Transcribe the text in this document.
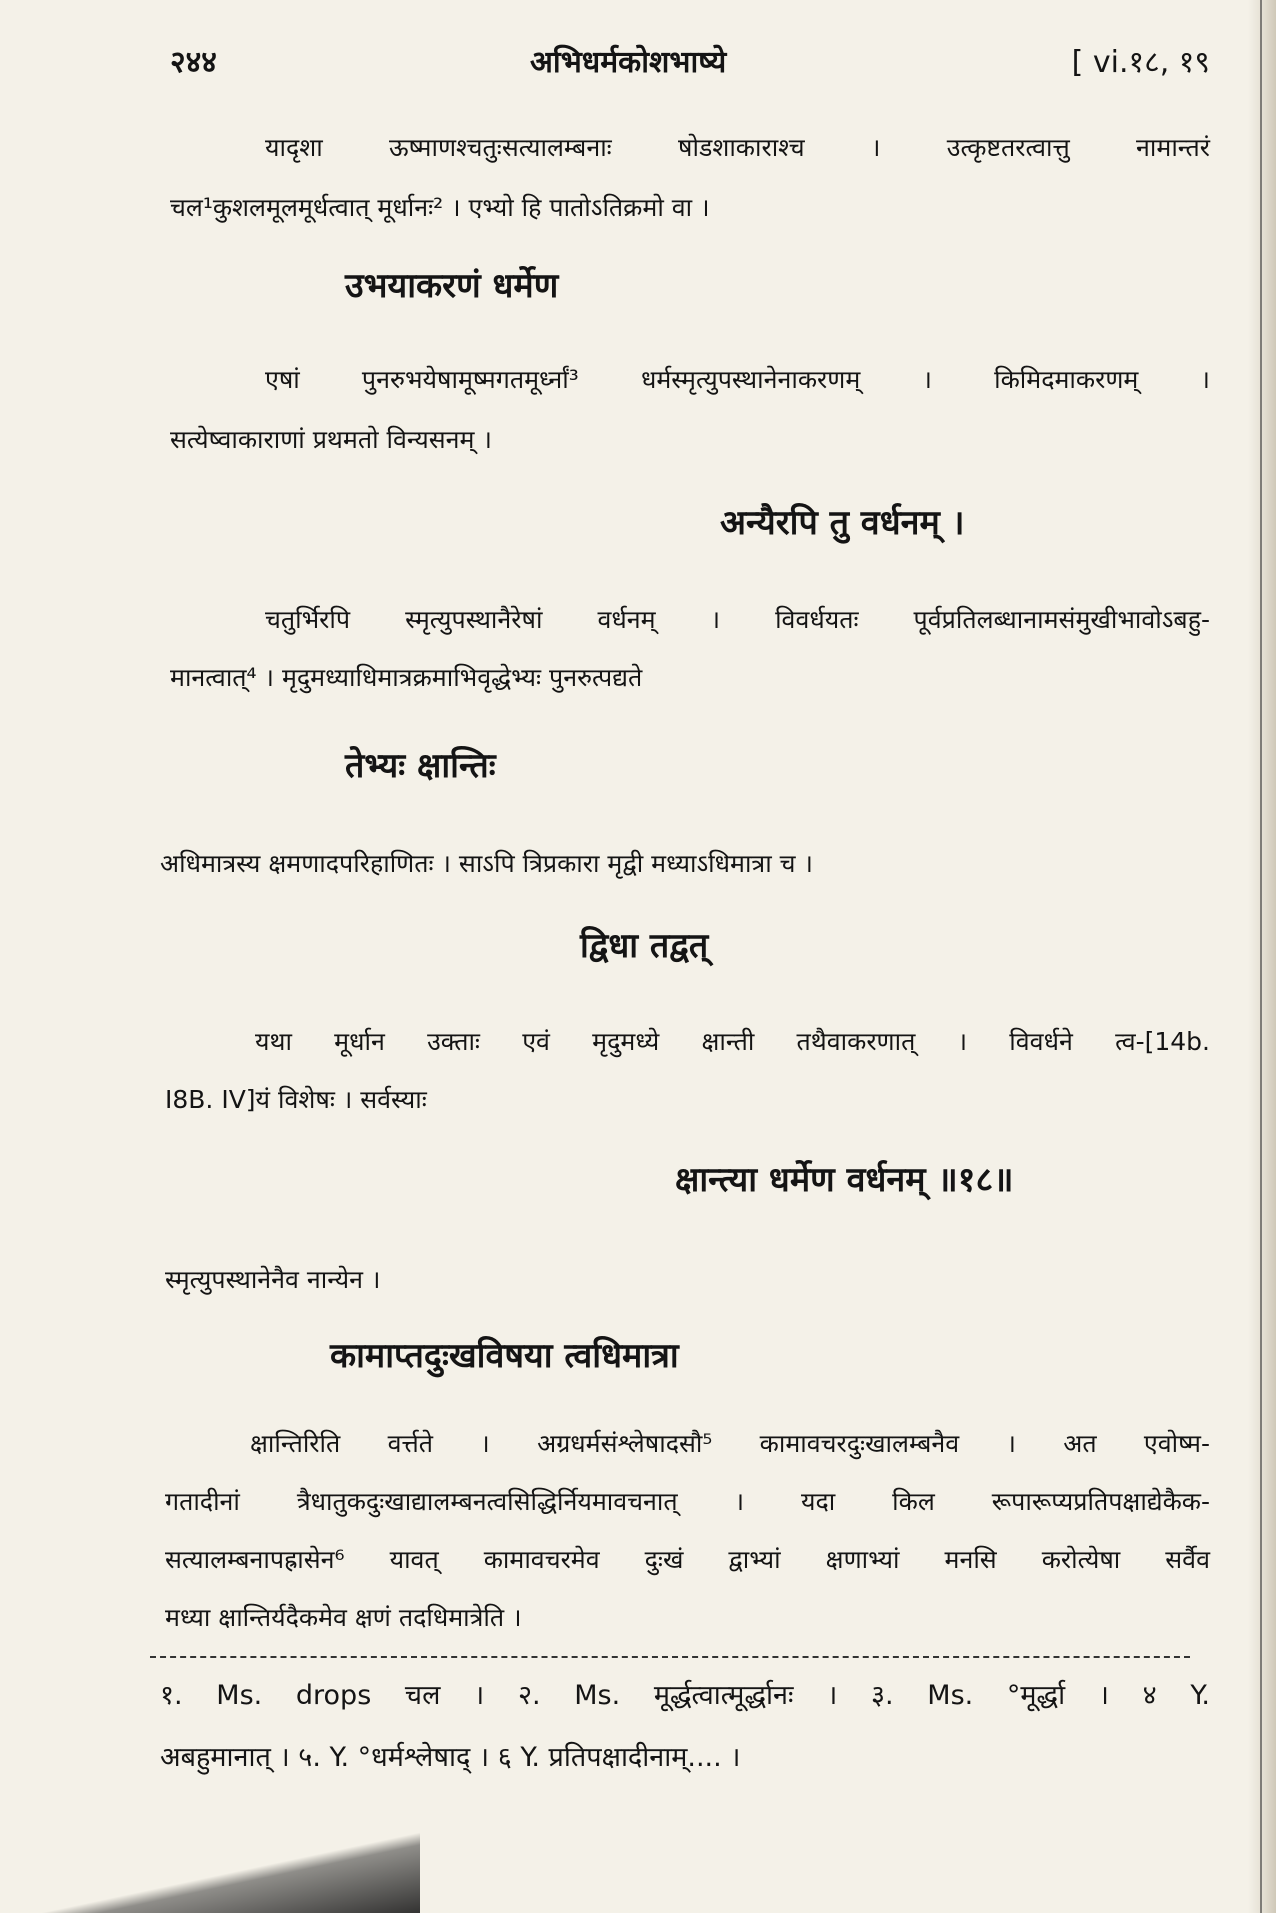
२४४	अभिधर्मकोशभाष्ये	[ vi.१८, १९
यादृशा ऊष्माणश्चतुःसत्यालम्बनाः षोडशाकाराश्च । उत्कृष्टतरत्वात्तु नामान्तरं
चल¹कुशलमूलमूर्धत्वात् मूर्धानः² । एभ्यो हि पातोऽतिक्रमो वा ।
उभयाकरणं धर्मेण
एषां पुनरुभयेषामूष्मगतमूर्ध्नां³ धर्मस्मृत्युपस्थानेनाकरणम् । किमिदमाकरणम् ।
सत्येष्वाकाराणां प्रथमतो विन्यसनम् ।
अन्यैरपि तु वर्धनम् ।
चतुर्भिरपि स्मृत्युपस्थानैरेषां वर्धनम् । विवर्धयतः पूर्वप्रतिलब्धानामसंमुखीभावोऽबहु-
मानत्वात्⁴ । मृदुमध्याधिमात्रक्रमाभिवृद्धेभ्यः पुनरुत्पद्यते
तेभ्यः क्षान्तिः
अधिमात्रस्य क्षमणादपरिहाणितः । साऽपि त्रिप्रकारा मृद्वी मध्याऽधिमात्रा च ।
द्विधा तद्वत्
यथा मूर्धान उक्ताः एवं मृदुमध्ये क्षान्ती तथैवाकरणात् । विवर्धने त्व-[14b.
I8B. IV]यं विशेषः । सर्वस्याः
क्षान्त्या धर्मेण वर्धनम् ॥१८॥
स्मृत्युपस्थानेनैव नान्येन ।
कामाप्तदुःखविषया त्वधिमात्रा
क्षान्तिरिति वर्त्तते । अग्रधर्मसंश्लेषादसौ⁵ कामावचरदुःखालम्बनैव । अत एवोष्म-
गतादीनां त्रैधातुकदुःखाद्यालम्बनत्वसिद्धिर्नियमावचनात् । यदा किल रूपारूप्यप्रतिपक्षाद्येकैक-
सत्यालम्बनापह्रासेन⁶ यावत् कामावचरमेव दुःखं द्वाभ्यां क्षणाभ्यां मनसि करोत्येषा सर्वैव
मध्या क्षान्तिर्यदैकमेव क्षणं तदधिमात्रेति ।
१. Ms. drops चल । २. Ms. मूर्द्धत्वात्मूर्द्धानः । ३. Ms. °मूर्द्धा । ४ Y.
अबहुमानात् । ५. Y. °धर्मश्लेषाद् । ६ Y. प्रतिपक्षादीनाम्.... ।
